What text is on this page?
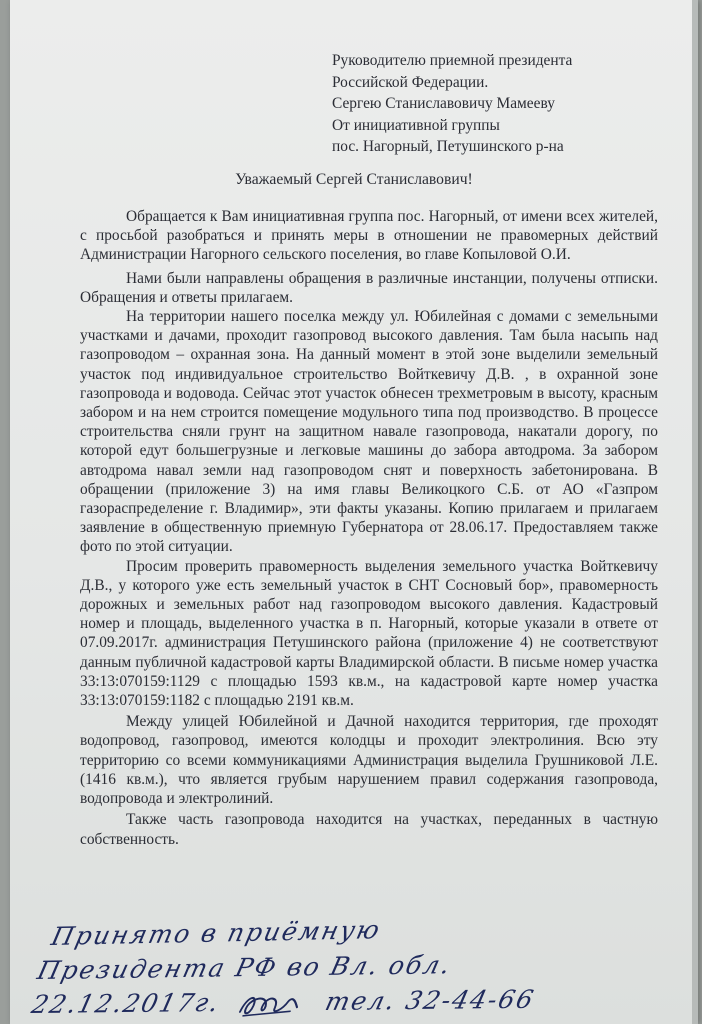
Руководителю приемной президента
Российской Федерации.
Сергею Станиславовичу Мамееву
От инициативной группы
пос. Нагорный, Петушинского р-на
Уважаемый Сергей Станиславович!

Обращается к Вам инициативная группа пос. Нагорный, от имени всех жителей, с просьбой разобраться и принять меры в отношении не правомерных действий Администрации Нагорного сельского поселения, во главе Копыловой О.И.

Нами были направлены обращения в различные инстанции, получены отписки. Обращения и ответы прилагаем.

На территории нашего поселка между ул. Юбилейная с домами с земельными участками и дачами, проходит газопровод высокого давления. Там была насыпь над газопроводом – охранная зона. На данный момент в этой зоне выделили земельный участок под индивидуальное строительство Войткевичу Д.В. , в охранной зоне газопровода и водовода. Сейчас этот участок обнесен трехметровым в высоту, красным забором и на нем строится помещение модульного типа под производство. В процессе строительства сняли грунт на защитном навале газопровода, накатали дорогу, по которой едут большегрузные и легковые машины до забора автодрома. За забором автодрома навал земли над газопроводом снят и поверхность забетонирована. В обращении (приложение 3) на имя главы Великоцкого С.Б. от АО «Газпром газораспределение г. Владимир», эти факты указаны. Копию прилагаем и прилагаем заявление в общественную приемную Губернатора от 28.06.17. Предоставляем также фото по этой ситуации.

Просим проверить правомерность выделения земельного участка Войткевичу Д.В., у которого уже есть земельный участок в СНТ Сосновый бор», правомерность дорожных и земельных работ над газопроводом высокого давления. Кадастровый номер и площадь, выделенного участка в п. Нагорный, которые указали в ответе от 07.09.2017г. администрация Петушинского района (приложение 4) не соответствуют данным публичной кадастровой карты Владимирской области. В письме номер участка 33:13:070159:1129 с площадью 1593 кв.м., на кадастровой карте номер участка 33:13:070159:1182 с площадью 2191 кв.м.

Между улицей Юбилейной и Дачной находится территория, где проходят водопровод, газопровод, имеются колодцы и проходит электролиния. Всю эту территорию со всеми коммуникациями Администрация выделила Грушниковой Л.Е. (1416 кв.м.), что является грубым нарушением правил содержания газопровода, водопровода и электролиний.

Также часть газопровода находится на участках, переданных в частную собственность.

Принято в приёмную
Президента РФ во Вл. обл.
22.12.2017г.	тел. 32-44-66
